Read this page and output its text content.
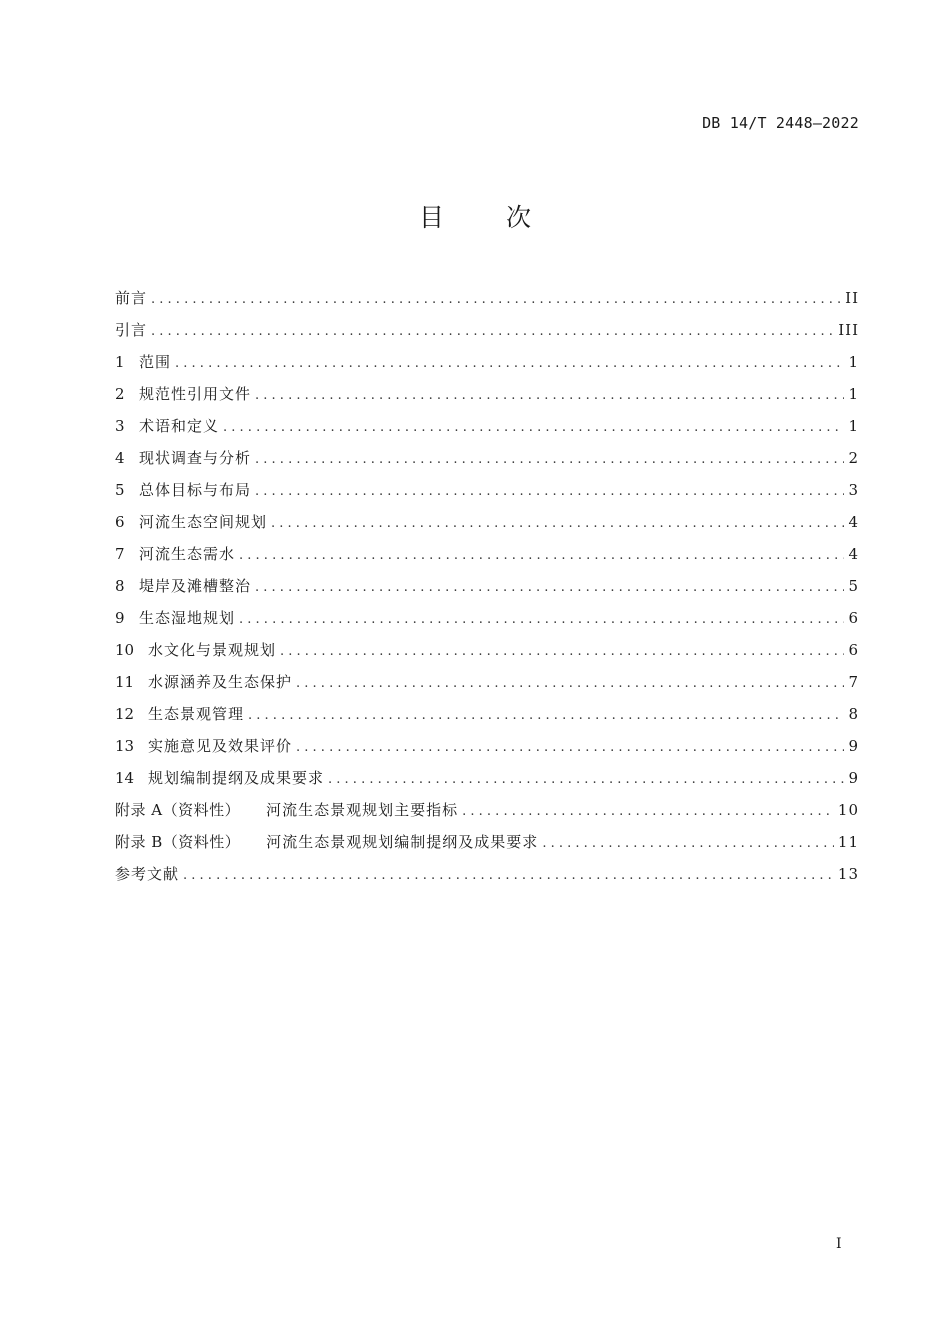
DB 14/T 2448—2022
目次
前言 . . .	II
引言 . . .	III
1 范围 . . .	1
2 规范性引用文件 . . .	1
3 术语和定义 . . .	1
4 现状调查与分析 . . .	2
5 总体目标与布局 . . .	3
6 河流生态空间规划 . . .	4
7 河流生态需水 . . .	4
8 堤岸及滩槽整治 . . .	5
9 生态湿地规划 . . .	6
10 水文化与景观规划 . . .	6
11 水源涵养及生态保护 . . .	7
12 生态景观管理 . . .	8
13 实施意见及效果评价 . . .	9
14 规划编制提纲及成果要求 . . .	9
附录 A（资料性） 河流生态景观规划主要指标 . . .	10
附录 B（资料性） 河流生态景观规划编制提纲及成果要求 . . .	11
参考文献 . . .	13
I
